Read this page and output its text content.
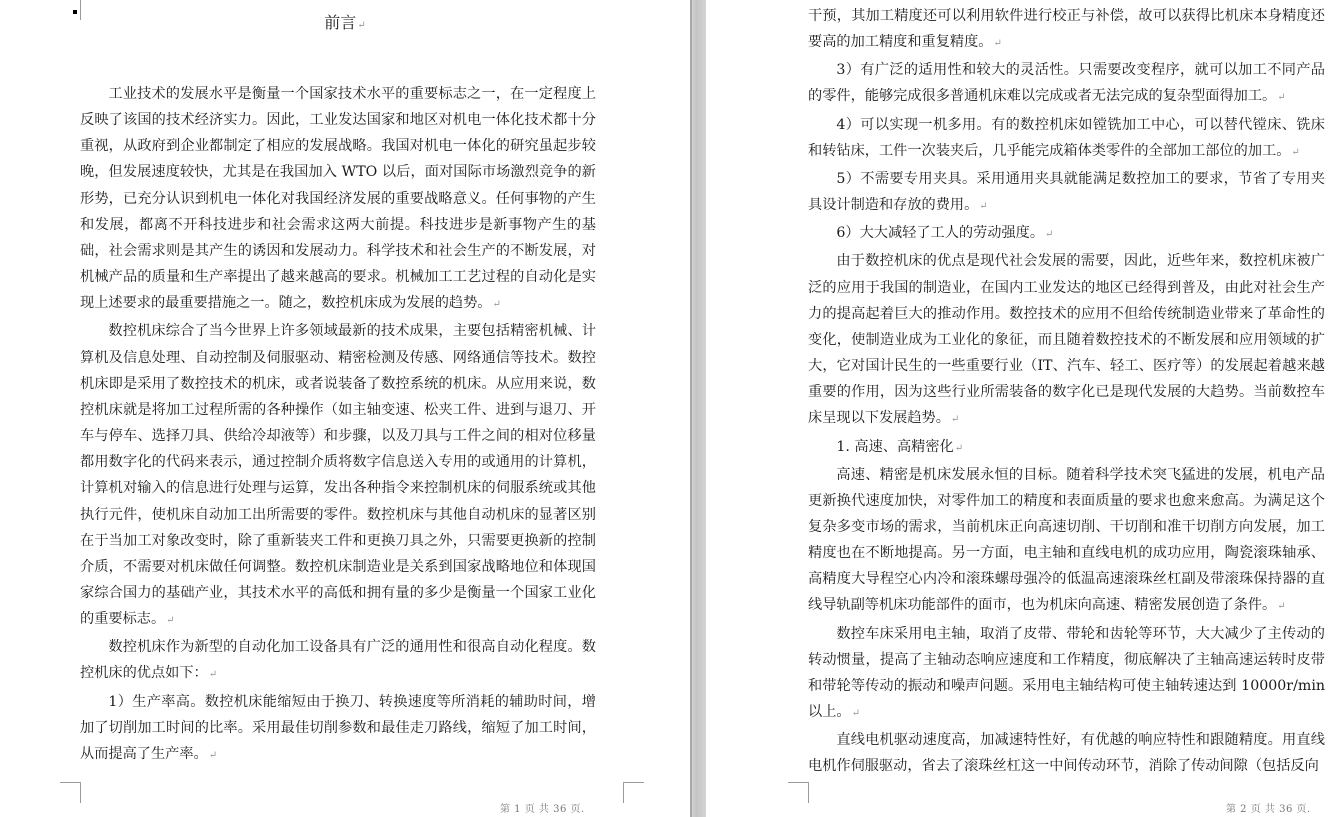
前言↵

工业技术的发展水平是衡量一个国家技术水平的重要标志之一，在一定程度上反映了该国的技术经济实力。因此，工业发达国家和地区对机电一体化技术都十分重视，从政府到企业都制定了相应的发展战略。我国对机电一体化的研究虽起步较晚，但发展速度较快，尤其是在我国加入 WTO 以后，面对国际市场激烈竞争的新形势，已充分认识到机电一体化对我国经济发展的重要战略意义。任何事物的产生和发展，都离不开科技进步和社会需求这两大前提。科技进步是新事物产生的基础，社会需求则是其产生的诱因和发展动力。科学技术和社会生产的不断发展，对机械产品的质量和生产率提出了越来越高的要求。机械加工工艺过程的自动化是实现上述要求的最重要措施之一。随之，数控机床成为发展的趋势。↵

数控机床综合了当今世界上许多领域最新的技术成果，主要包括精密机械、计算机及信息处理、自动控制及伺服驱动、精密检测及传感、网络通信等技术。数控机床即是采用了数控技术的机床，或者说装备了数控系统的机床。从应用来说，数控机床就是将加工过程所需的各种操作（如主轴变速、松夹工件、进到与退刀、开车与停车、选择刀具、供给冷却液等）和步骤，以及刀具与工件之间的相对位移量都用数字化的代码来表示，通过控制介质将数字信息送入专用的或通用的计算机，计算机对输入的信息进行处理与运算，发出各种指令来控制机床的伺服系统或其他执行元件，使机床自动加工出所需要的零件。数控机床与其他自动机床的显著区别在于当加工对象改变时，除了重新装夹工件和更换刀具之外，只需要更换新的控制介质，不需要对机床做任何调整。数控机床制造业是关系到国家战略地位和体现国家综合国力的基础产业，其技术水平的高低和拥有量的多少是衡量一个国家工业化的重要标志。↵

数控机床作为新型的自动化加工设备具有广泛的通用性和很高自动化程度。数控机床的优点如下：↵

1）生产率高。数控机床能缩短由于换刀、转换速度等所消耗的辅助时间，增加了切削加工时间的比率。采用最佳切削参数和最佳走刀路线，缩短了加工时间，从而提高了生产率。↵

第 1 页 共 36 页.

干预，其加工精度还可以利用软件进行校正与补偿，故可以获得比机床本身精度还要高的加工精度和重复精度。↵

3）有广泛的适用性和较大的灵活性。只需要改变程序，就可以加工不同产品的零件，能够完成很多普通机床难以完成或者无法完成的复杂型面得加工。↵

4）可以实现一机多用。有的数控机床如镗铣加工中心，可以替代镗床、铣床和转钻床，工件一次装夹后，几乎能完成箱体类零件的全部加工部位的加工。↵

5）不需要专用夹具。采用通用夹具就能满足数控加工的要求，节省了专用夹具设计制造和存放的费用。↵

6）大大减轻了工人的劳动强度。↵

由于数控机床的优点是现代社会发展的需要，因此，近些年来，数控机床被广泛的应用于我国的制造业，在国内工业发达的地区已经得到普及，由此对社会生产力的提高起着巨大的推动作用。数控技术的应用不但给传统制造业带来了革命性的变化，使制造业成为工业化的象征，而且随着数控技术的不断发展和应用领域的扩大，它对国计民生的一些重要行业（IT、汽车、轻工、医疗等）的发展起着越来越重要的作用，因为这些行业所需装备的数字化已是现代发展的大趋势。当前数控车床呈现以下发展趋势。↵

1. 高速、高精密化↵

高速、精密是机床发展永恒的目标。随着科学技术突飞猛进的发展，机电产品更新换代速度加快，对零件加工的精度和表面质量的要求也愈来愈高。为满足这个复杂多变市场的需求，当前机床正向高速切削、干切削和准干切削方向发展，加工精度也在不断地提高。另一方面，电主轴和直线电机的成功应用，陶瓷滚珠轴承、高精度大导程空心内冷和滚珠螺母强冷的低温高速滚珠丝杠副及带滚珠保持器的直线导轨副等机床功能部件的面市，也为机床向高速、精密发展创造了条件。↵

数控车床采用电主轴，取消了皮带、带轮和齿轮等环节，大大减少了主传动的转动惯量，提高了主轴动态响应速度和工作精度，彻底解决了主轴高速运转时皮带和带轮等传动的振动和噪声问题。采用电主轴结构可使主轴转速达到 10000r/min 以上。↵

直线电机驱动速度高，加减速特性好，有优越的响应特性和跟随精度。用直线电机作伺服驱动，省去了滚珠丝杠这一中间传动环节，消除了传动间隙（包括反向

第 2 页 共 36 页.
